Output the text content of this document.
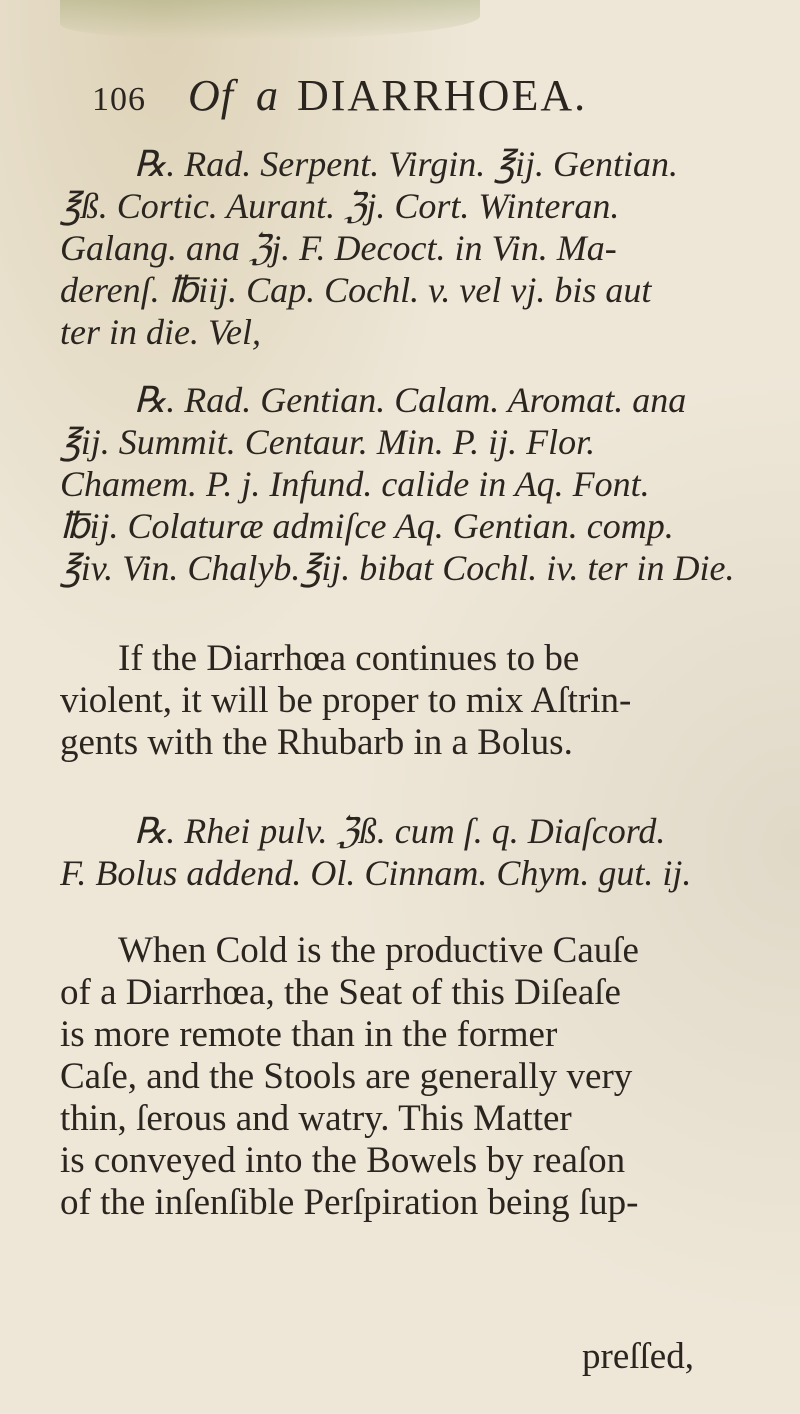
106 Of a DIARRHOEA.
℞. Rad. Serpent. Virgin. ℥ij. Gentian.
℥ß. Cortic. Aurant. ℨj. Cort. Winteran.
Galang. ana ℨj. F. Decoct. in Vin. Ma-
derenſ. ℔iij. Cap. Cochl. v. vel vj. bis aut
ter in die. Vel,
℞. Rad. Gentian. Calam. Aromat. ana
℥ij. Summit. Centaur. Min. P. ij. Flor.
Chamem. P. j. Infund. calide in Aq. Font.
℔ij. Colaturæ admiſce Aq. Gentian. comp.
℥iv. Vin. Chalyb.℥ij. bibat Cochl. iv. ter in Die.
If the Diarrhœa continues to be
violent, it will be proper to mix Aſtrin-
gents with the Rhubarb in a Bolus.
℞. Rhei pulv. ℨß. cum ſ. q. Diaſcord.
F. Bolus addend. Ol. Cinnam. Chym. gut. ij.
When Cold is the productive Cauſe
of a Diarrhœa, the Seat of this Diſeaſe
is more remote than in the former
Caſe, and the Stools are generally very
thin, ſerous and watry. This Matter
is conveyed into the Bowels by reaſon
of the inſenſible Perſpiration being ſup-
preſſed,
